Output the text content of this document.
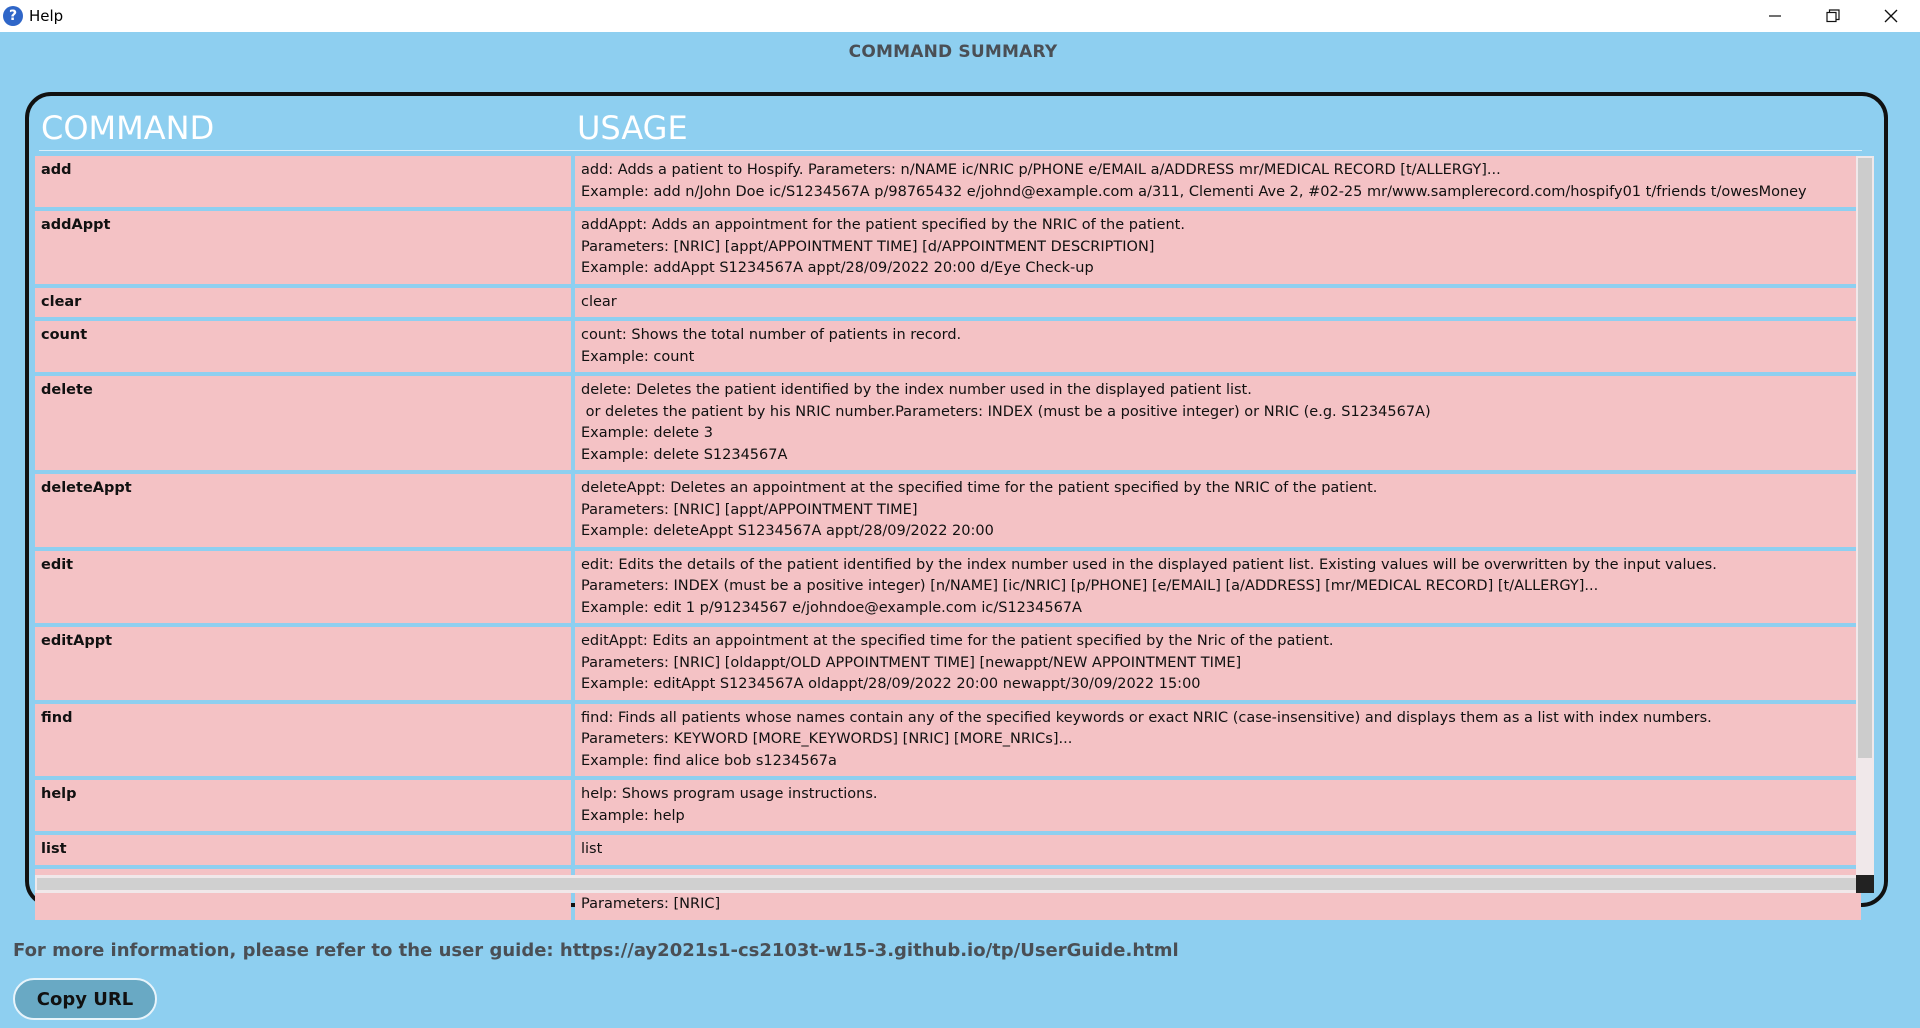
? Help
COMMAND SUMMARY
COMMAND	USAGE
add	add: Adds a patient to Hospify. Parameters: n/NAME ic/NRIC p/PHONE e/EMAIL a/ADDRESS mr/MEDICAL RECORD [t/ALLERGY]...
Example: add n/John Doe ic/S1234567A p/98765432 e/johnd@example.com a/311, Clementi Ave 2, #02-25 mr/www.samplerecord.com/hospify01 t/friends t/owesMoney
addAppt	addAppt: Adds an appointment for the patient specified by the NRIC of the patient.
Parameters: [NRIC] [appt/APPOINTMENT TIME] [d/APPOINTMENT DESCRIPTION]
Example: addAppt S1234567A appt/28/09/2022 20:00 d/Eye Check-up
clear	clear
count	count: Shows the total number of patients in record.
Example: count
delete	delete: Deletes the patient identified by the index number used in the displayed patient list.
or deletes the patient by his NRIC number.Parameters: INDEX (must be a positive integer) or NRIC (e.g. S1234567A)
Example: delete 3
Example: delete S1234567A
deleteAppt	deleteAppt: Deletes an appointment at the specified time for the patient specified by the NRIC of the patient.
Parameters: [NRIC] [appt/APPOINTMENT TIME]
Example: deleteAppt S1234567A appt/28/09/2022 20:00
edit	edit: Edits the details of the patient identified by the index number used in the displayed patient list. Existing values will be overwritten by the input values.
Parameters: INDEX (must be a positive integer) [n/NAME] [ic/NRIC] [p/PHONE] [e/EMAIL] [a/ADDRESS] [mr/MEDICAL RECORD] [t/ALLERGY]...
Example: edit 1 p/91234567 e/johndoe@example.com ic/S1234567A
editAppt	editAppt: Edits an appointment at the specified time for the patient specified by the Nric of the patient.
Parameters: [NRIC] [oldappt/OLD APPOINTMENT TIME] [newappt/NEW APPOINTMENT TIME]
Example: editAppt S1234567A oldappt/28/09/2022 20:00 newappt/30/09/2022 15:00
find	find: Finds all patients whose names contain any of the specified keywords or exact NRIC (case-insensitive) and displays them as a list with index numbers.
Parameters: KEYWORD [MORE_KEYWORDS] [NRIC] [MORE_NRICs]...
Example: find alice bob s1234567a
help	help: Shows program usage instructions.
Example: help
list	list

Parameters: [NRIC]
For more information, please refer to the user guide: https://ay2021s1-cs2103t-w15-3.github.io/tp/UserGuide.html
Copy URL
